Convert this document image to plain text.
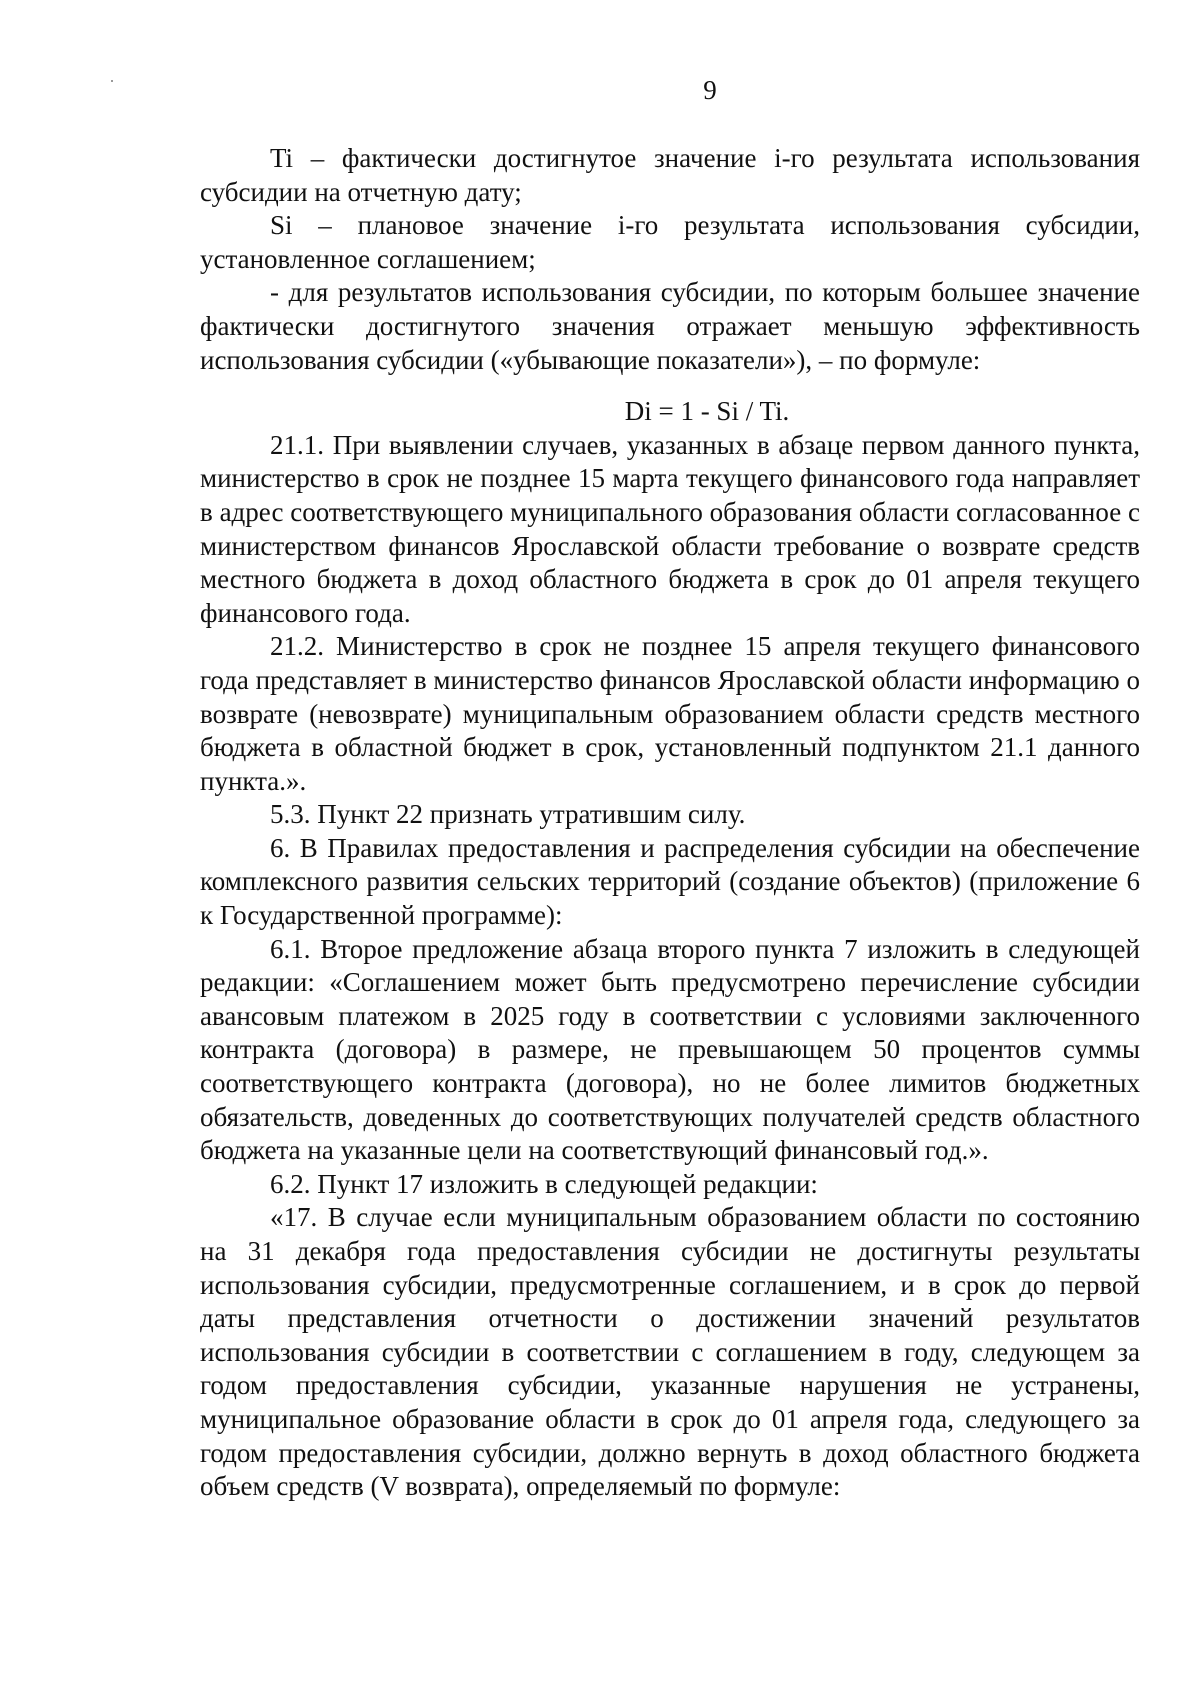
9

Ti – фактически достигнутое значение i-го результата использования субсидии на отчетную дату;

Si – плановое значение i-го результата использования субсидии, установленное соглашением;

- для результатов использования субсидии, по которым большее значение фактически достигнутого значения отражает меньшую эффективность использования субсидии («убывающие показатели»), – по формуле:

Di = 1 - Si / Ti.

21.1. При выявлении случаев, указанных в абзаце первом данного пункта, министерство в срок не позднее 15 марта текущего финансового года направляет в адрес соответствующего муниципального образования области согласованное с министерством финансов Ярославской области требование о возврате средств местного бюджета в доход областного бюджета в срок до 01 апреля текущего финансового года.

21.2. Министерство в срок не позднее 15 апреля текущего финансового года представляет в министерство финансов Ярославской области информацию о возврате (невозврате) муниципальным образованием области средств местного бюджета в областной бюджет в срок, установленный подпунктом 21.1 данного пункта.».

5.3. Пункт 22 признать утратившим силу.

6. В Правилах предоставления и распределения субсидии на обеспечение комплексного развития сельских территорий (создание объектов) (приложение 6 к Государственной программе):

6.1. Второе предложение абзаца второго пункта 7 изложить в следующей редакции: «Соглашением может быть предусмотрено перечисление субсидии авансовым платежом в 2025 году в соответствии с условиями заключенного контракта (договора) в размере, не превышающем 50 процентов суммы соответствующего контракта (договора), но не более лимитов бюджетных обязательств, доведенных до соответствующих получателей средств областного бюджета на указанные цели на соответствующий финансовый год.».

6.2. Пункт 17 изложить в следующей редакции:

«17. В случае если муниципальным образованием области по состоянию на 31 декабря года предоставления субсидии не достигнуты результаты использования субсидии, предусмотренные соглашением, и в срок до первой даты представления отчетности о достижении значений результатов использования субсидии в соответствии с соглашением в году, следующем за годом предоставления субсидии, указанные нарушения не устранены, муниципальное образование области в срок до 01 апреля года, следующего за годом предоставления субсидии, должно вернуть в доход областного бюджета объем средств (V возврата), определяемый по формуле:
